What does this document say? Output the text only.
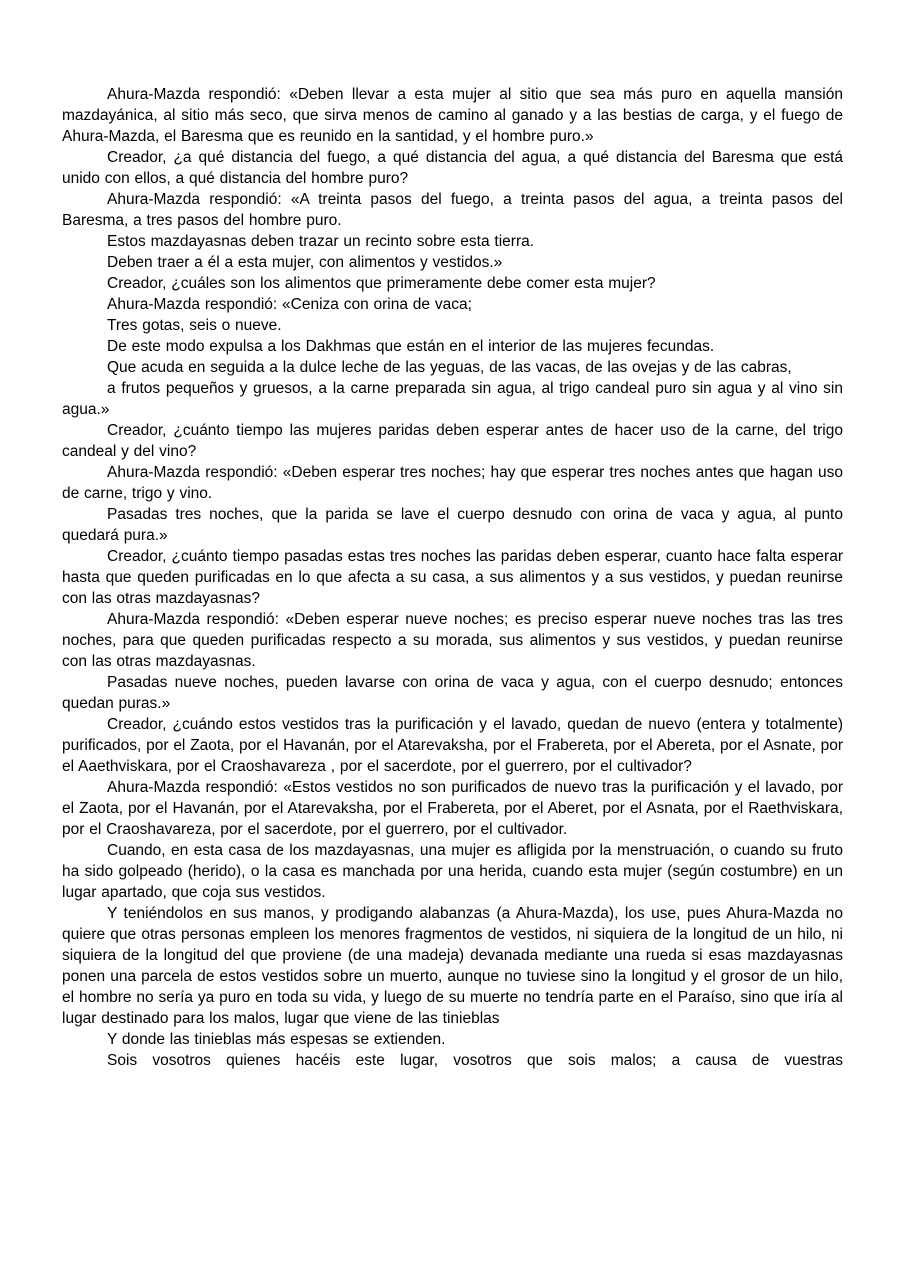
Ahura-Mazda respondió: «Deben llevar a esta mujer al sitio que sea más puro en aquella mansión mazdayánica, al sitio más seco, que sirva menos de camino al ganado y a las bestias de carga, y el fuego de Ahura-Mazda, el Baresma que es reunido en la santidad, y el hombre puro.»

Creador, ¿a qué distancia del fuego, a qué distancia del agua, a qué distancia del Baresma que está unido con ellos, a qué distancia del hombre puro?

Ahura-Mazda respondió: «A treinta pasos del fuego, a treinta pasos del agua, a treinta pasos del Baresma, a tres pasos del hombre puro.

Estos mazdayasnas deben trazar un recinto sobre esta tierra.

Deben traer a él a esta mujer, con alimentos y vestidos.»

Creador, ¿cuáles son los alimentos que primeramente debe comer esta mujer?

Ahura-Mazda respondió: «Ceniza con orina de vaca;

Tres gotas, seis o nueve.

De este modo expulsa a los Dakhmas que están en el interior de las mujeres fecundas.

Que acuda en seguida a la dulce leche de las yeguas, de las vacas, de las ovejas y de las cabras,

a frutos pequeños y gruesos, a la carne preparada sin agua, al trigo candeal puro sin agua y al vino sin agua.»

Creador, ¿cuánto tiempo las mujeres paridas deben esperar antes de hacer uso de la carne, del trigo candeal y del vino?

Ahura-Mazda respondió: «Deben esperar tres noches; hay que esperar tres noches antes que hagan uso de carne, trigo y vino.

Pasadas tres noches, que la parida se lave el cuerpo desnudo con orina de vaca y agua, al punto quedará pura.»

Creador, ¿cuánto tiempo pasadas estas tres noches las paridas deben esperar, cuanto hace falta esperar hasta que queden purificadas en lo que afecta a su casa, a sus alimentos y a sus vestidos, y puedan reunirse con las otras mazdayasnas?

Ahura-Mazda respondió: «Deben esperar nueve noches; es preciso esperar nueve noches tras las tres noches, para que queden purificadas respecto a su morada, sus alimentos y sus vestidos, y puedan reunirse con las otras mazdayasnas.

Pasadas nueve noches, pueden lavarse con orina de vaca y agua, con el cuerpo desnudo; entonces quedan puras.»

Creador, ¿cuándo estos vestidos tras la purificación y el lavado, quedan de nuevo (entera y totalmente) purificados, por el Zaota, por el Havanán, por el Atarevaksha, por el Frabereta, por el Abereta, por el Asnate, por el Aaethviskara, por el Craoshavareza , por el sacerdote, por el guerrero, por el cultivador?

Ahura-Mazda respondió: «Estos vestidos no son purificados de nuevo tras la purificación y el lavado, por el Zaota, por el Havanán, por el Atarevaksha, por el Frabereta, por el Aberet, por el Asnata, por el Raethviskara, por el Craoshavareza, por el sacerdote, por el guerrero, por el cultivador.

Cuando, en esta casa de los mazdayasnas, una mujer es afligida por la menstruación, o cuando su fruto ha sido golpeado (herido), o la casa es manchada por una herida, cuando esta mujer (según costumbre) en un lugar apartado, que coja sus vestidos.

Y teniéndolos en sus manos, y prodigando alabanzas (a Ahura-Mazda), los use, pues Ahura-Mazda no quiere que otras personas empleen los menores fragmentos de vestidos, ni siquiera de la longitud de un hilo, ni siquiera de la longitud del que proviene (de una madeja) devanada mediante una rueda si esas mazdayasnas ponen una parcela de estos vestidos sobre un muerto, aunque no tuviese sino la longitud y el grosor de un hilo, el hombre no sería ya puro en toda su vida, y luego de su muerte no tendría parte en el Paraíso, sino que iría al lugar destinado para los malos, lugar que viene de las tinieblas

Y donde las tinieblas más espesas se extienden.

Sois vosotros quienes hacéis este lugar, vosotros que sois malos; a causa de vuestras
